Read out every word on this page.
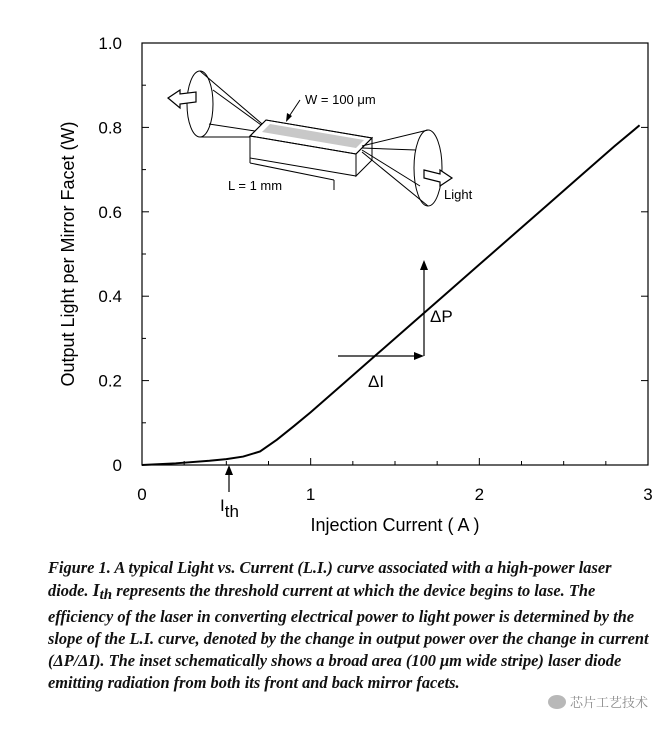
0	1	2	3
0
0.2
0.4
0.6
0.8
1.0
Injection Current ( A )
Output Light per Mirror Facet (W)
Ith
ΔI
ΔP
W = 100 μm
L = 1 mm
Light

Figure 1. A typical Light vs. Current (L.I.) curve associated with a high-power laser diode. Ith represents the threshold current at which the device begins to lase. The efficiency of the laser in converting electrical power to light power is determined by the slope of the L.I. curve, denoted by the change in output power over the change in current (ΔP/ΔI). The inset schematically shows a broad area (100 μm wide stripe) laser diode emitting radiation from both its front and back mirror facets.

芯片工艺技术
